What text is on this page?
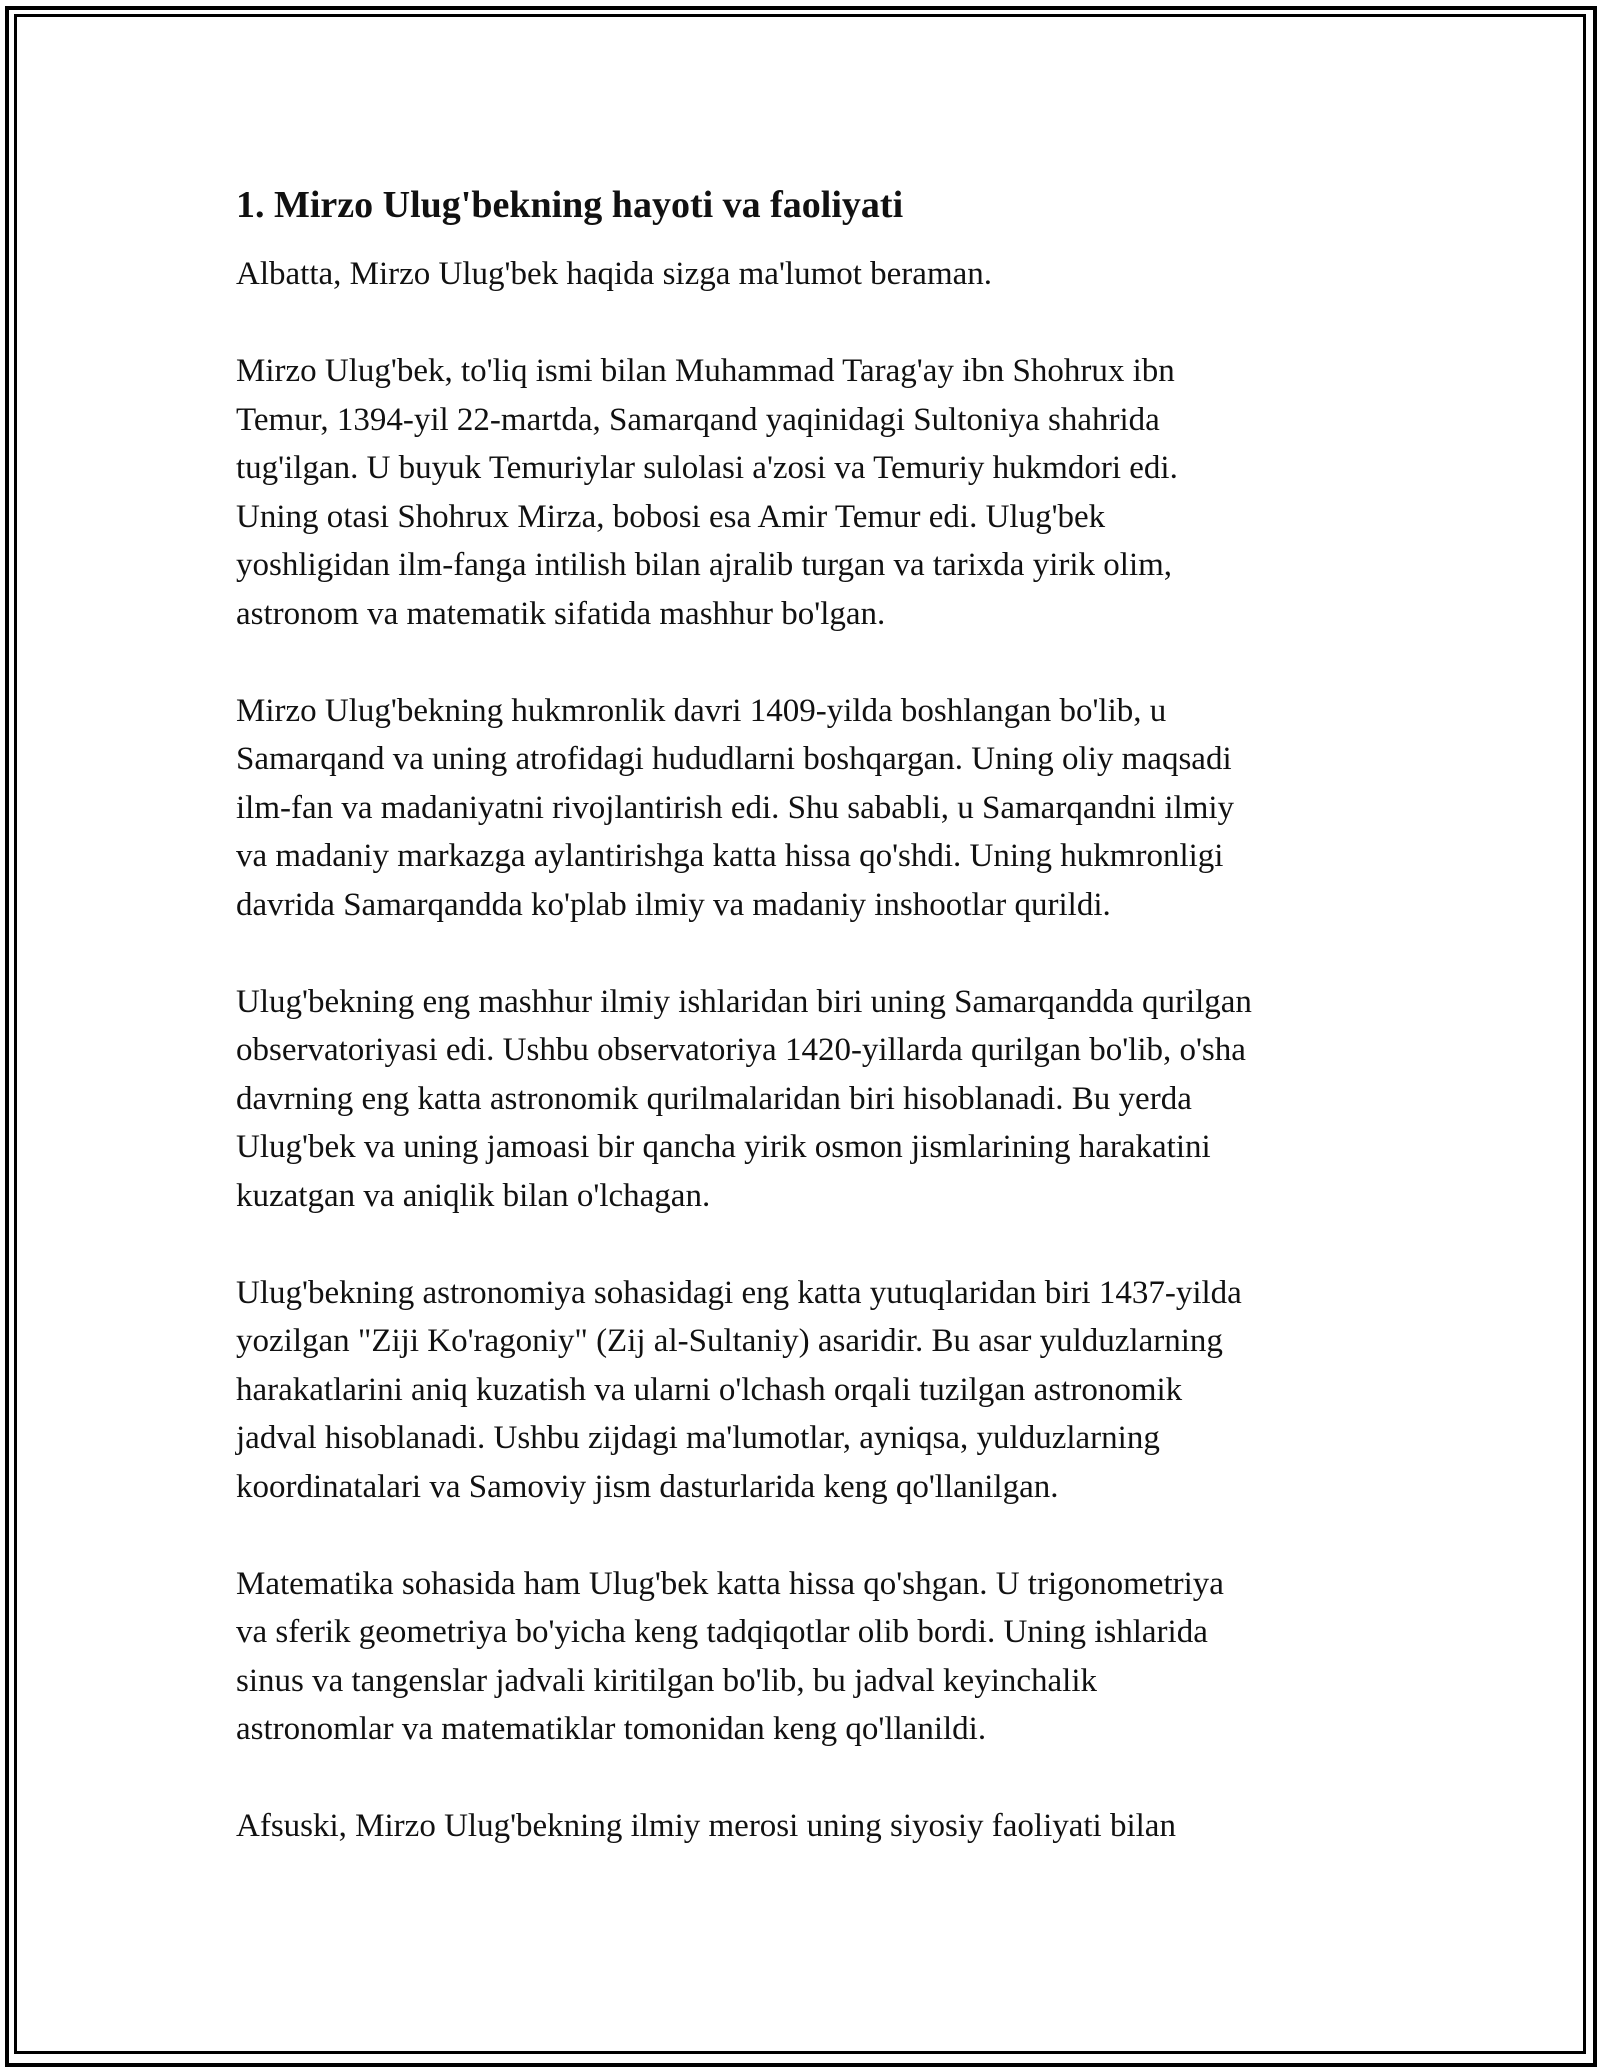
1. Mirzo Ulug'bekning hayoti va faoliyati

Albatta, Mirzo Ulug'bek haqida sizga ma'lumot beraman.

Mirzo Ulug'bek, to'liq ismi bilan Muhammad Tarag'ay ibn Shohrux ibn
Temur, 1394-yil 22-martda, Samarqand yaqinidagi Sultoniya shahrida
tug'ilgan. U buyuk Temuriylar sulolasi a'zosi va Temuriy hukmdori edi.
Uning otasi Shohrux Mirza, bobosi esa Amir Temur edi. Ulug'bek
yoshligidan ilm-fanga intilish bilan ajralib turgan va tarixda yirik olim,
astronom va matematik sifatida mashhur bo'lgan.

Mirzo Ulug'bekning hukmronlik davri 1409-yilda boshlangan bo'lib, u
Samarqand va uning atrofidagi hududlarni boshqargan. Uning oliy maqsadi
ilm-fan va madaniyatni rivojlantirish edi. Shu sababli, u Samarqandni ilmiy
va madaniy markazga aylantirishga katta hissa qo'shdi. Uning hukmronligi
davrida Samarqandda ko'plab ilmiy va madaniy inshootlar qurildi.

Ulug'bekning eng mashhur ilmiy ishlaridan biri uning Samarqandda qurilgan
observatoriyasi edi. Ushbu observatoriya 1420-yillarda qurilgan bo'lib, o'sha
davrning eng katta astronomik qurilmalaridan biri hisoblanadi. Bu yerda
Ulug'bek va uning jamoasi bir qancha yirik osmon jismlarining harakatini
kuzatgan va aniqlik bilan o'lchagan.

Ulug'bekning astronomiya sohasidagi eng katta yutuqlaridan biri 1437-yilda
yozilgan "Ziji Ko'ragoniy" (Zij al-Sultaniy) asaridir. Bu asar yulduzlarning
harakatlarini aniq kuzatish va ularni o'lchash orqali tuzilgan astronomik
jadval hisoblanadi. Ushbu zijdagi ma'lumotlar, ayniqsa, yulduzlarning
koordinatalari va Samoviy jism dasturlarida keng qo'llanilgan.

Matematika sohasida ham Ulug'bek katta hissa qo'shgan. U trigonometriya
va sferik geometriya bo'yicha keng tadqiqotlar olib bordi. Uning ishlarida
sinus va tangenslar jadvali kiritilgan bo'lib, bu jadval keyinchalik
astronomlar va matematiklar tomonidan keng qo'llanildi.

Afsuski, Mirzo Ulug'bekning ilmiy merosi uning siyosiy faoliyati bilan
